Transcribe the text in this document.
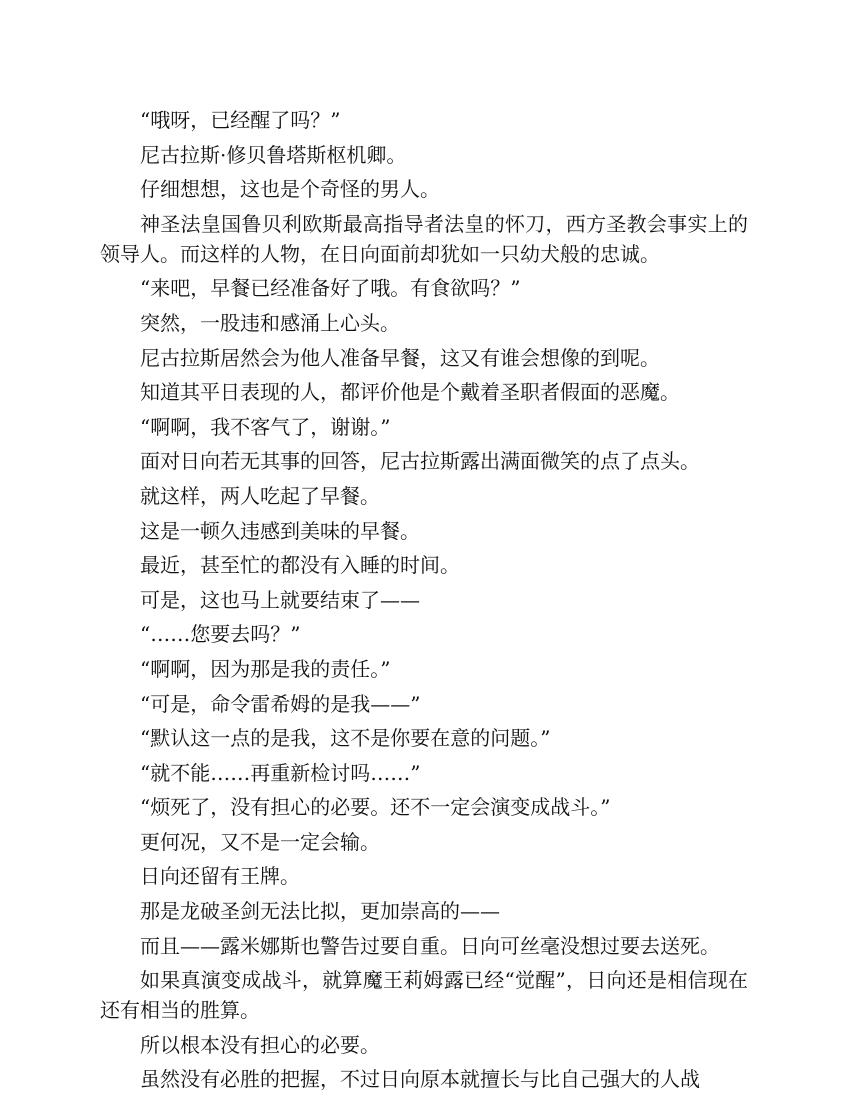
“哦呀，已经醒了吗？”

尼古拉斯·修贝鲁塔斯枢机卿。

仔细想想，这也是个奇怪的男人。

神圣法皇国鲁贝利欧斯最高指导者法皇的怀刀，西方圣教会事实上的领导人。而这样的人物，在日向面前却犹如一只幼犬般的忠诚。

“来吧，早餐已经准备好了哦。有食欲吗？”

突然，一股违和感涌上心头。

尼古拉斯居然会为他人准备早餐，这又有谁会想像的到呢。

知道其平日表现的人，都评价他是个戴着圣职者假面的恶魔。

“啊啊，我不客气了，谢谢。”

面对日向若无其事的回答，尼古拉斯露出满面微笑的点了点头。

就这样，两人吃起了早餐。

这是一顿久违感到美味的早餐。

最近，甚至忙的都没有入睡的时间。

可是，这也马上就要结束了——

“……您要去吗？”

“啊啊，因为那是我的责任。”

“可是，命令雷希姆的是我——”

“默认这一点的是我，这不是你要在意的问题。”

“就不能……再重新检讨吗……”

“烦死了，没有担心的必要。还不一定会演变成战斗。”

更何况，又不是一定会输。

日向还留有王牌。

那是龙破圣剑无法比拟，更加崇高的——

而且——露米娜斯也警告过要自重。日向可丝毫没想过要去送死。

如果真演变成战斗，就算魔王莉姆露已经“觉醒”，日向还是相信现在还有相当的胜算。

所以根本没有担心的必要。

虽然没有必胜的把握，不过日向原本就擅长与比自己强大的人战
